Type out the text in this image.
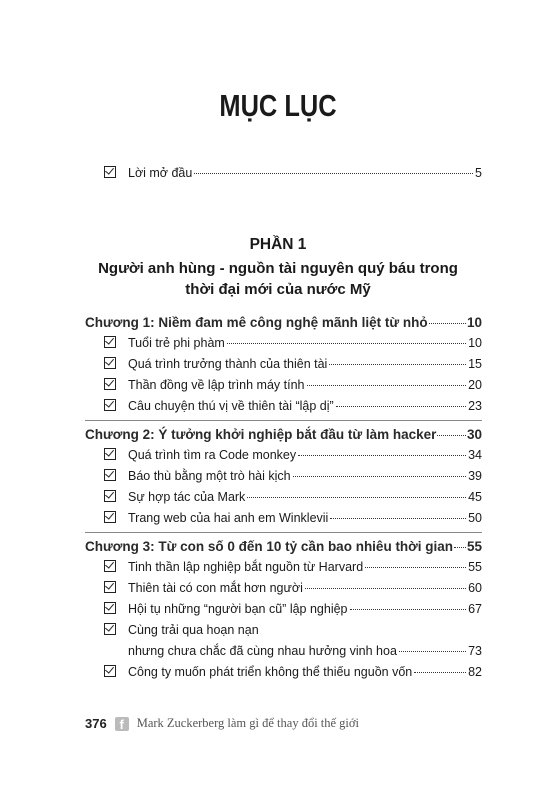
MỤC LỤC
Lời mở đầu	5
PHẦN 1
Người anh hùng - nguồn tài nguyên quý báu trong
thời đại mới của nước Mỹ
Chương 1: Niềm đam mê công nghệ mãnh liệt từ nhỏ	10
Tuổi trẻ phi phàm	10
Quá trình trưởng thành của thiên tài	15
Thần đồng về lập trình máy tính	20
Câu chuyện thú vị về thiên tài “lập dị”	23
Chương 2: Ý tưởng khởi nghiệp bắt đầu từ làm hacker 30
Quá trình tìm ra Code monkey	34
Báo thù bằng một trò hài kịch	39
Sự hợp tác của Mark	45
Trang web của hai anh em Winklevii	50
Chương 3: Từ con số 0 đến 10 tỷ cần bao nhiêu thời gian 55
Tinh thần lập nghiệp bắt nguồn từ Harvard	55
Thiên tài có con mắt hơn người	60
Hội tụ những “người bạn cũ” lập nghiệp	67
Cùng trải qua hoạn nạn
nhưng chưa chắc đã cùng nhau hưởng vinh hoa	73
Công ty muốn phát triển không thể thiếu nguồn vốn	82
376 f Mark Zuckerberg làm gì để thay đổi thế giới
